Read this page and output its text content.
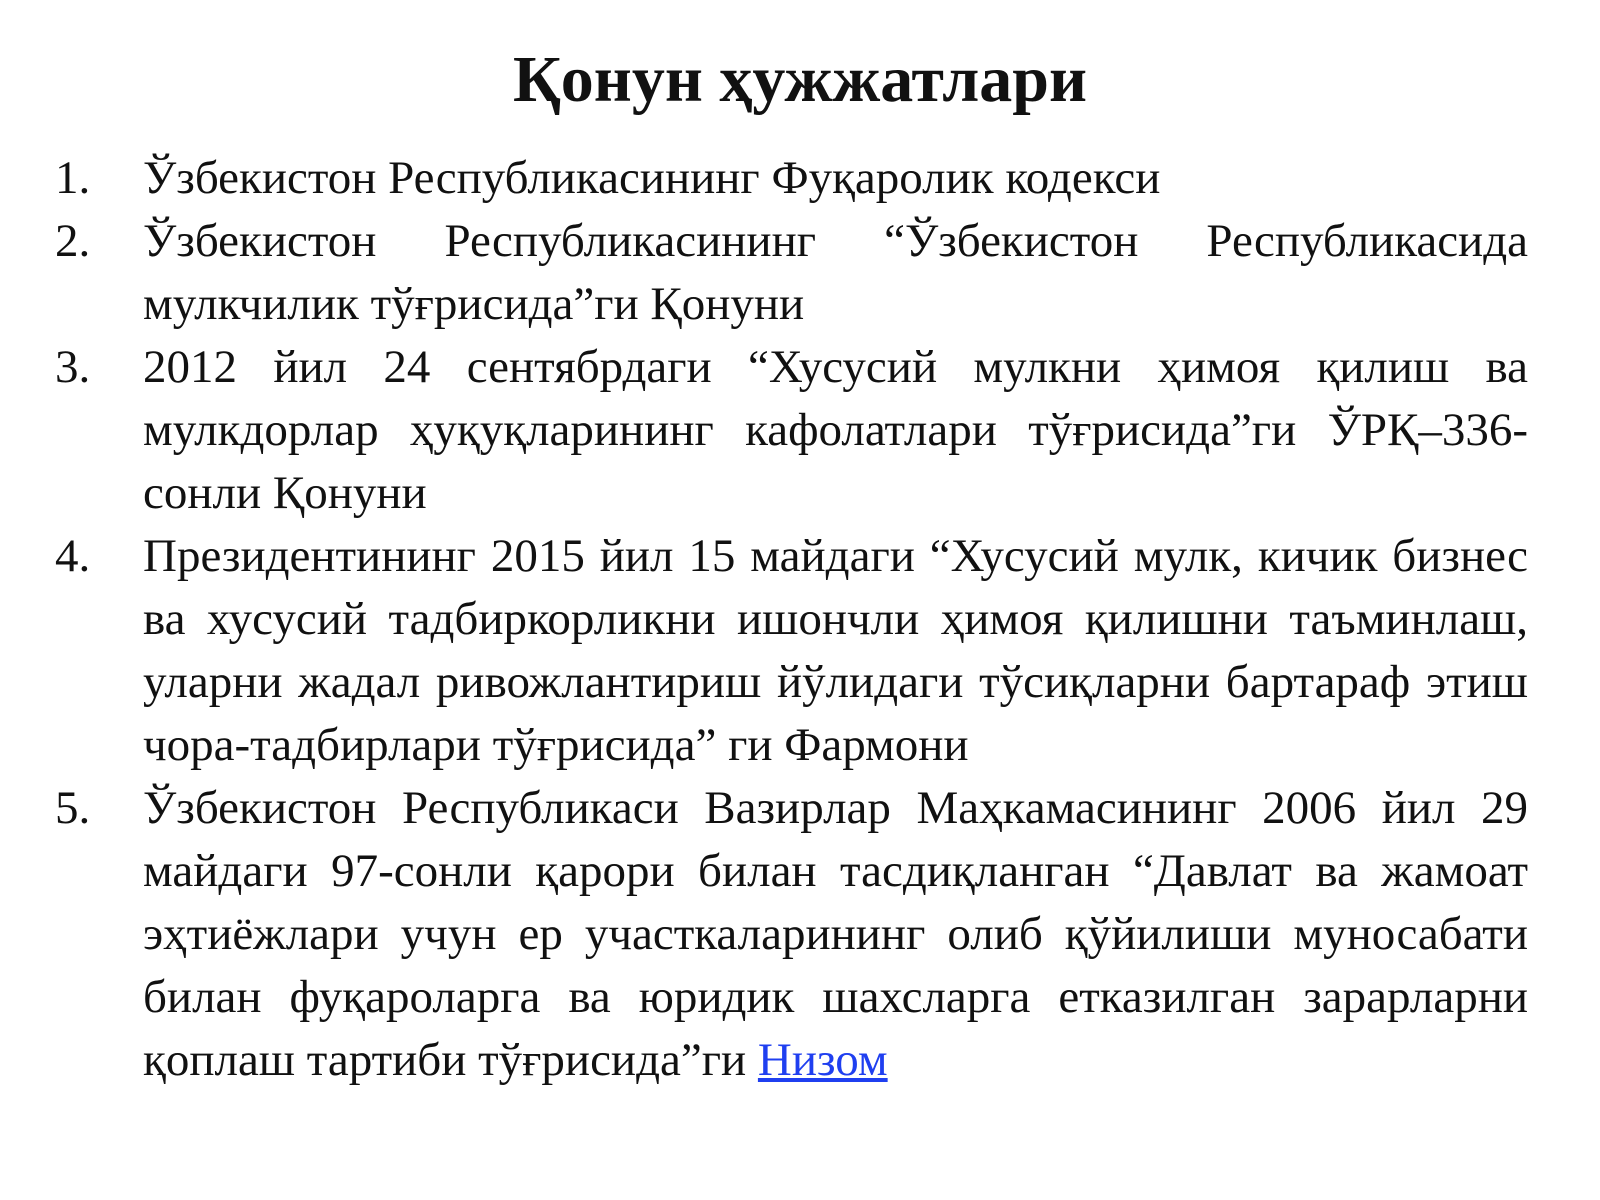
Қонун ҳужжатлари
1. Ўзбекистон Республикасининг Фуқаролик кодекси
2. Ўзбекистон Республикасининг “Ўзбекистон Республикасида мулкчилик тўғрисида”ги Қонуни
3. 2012 йил 24 сентябрдаги “Хусусий мулкни ҳимоя қилиш ва мулкдорлар ҳуқуқларининг кафолатлари тўғрисида”ги ЎРҚ–336-сонли Қонуни
4. Президентининг 2015 йил 15 майдаги “Хусусий мулк, кичик бизнес ва хусусий тадбиркорликни ишончли ҳимоя қилишни таъминлаш, уларни жадал ривожлантириш йўлидаги тўсиқларни бартараф этиш чора-тадбирлари тўғрисида” ги Фармони
5. Ўзбекистон Республикаси Вазирлар Маҳкамасининг 2006 йил 29 майдаги 97-сонли қарори билан тасдиқланган “Давлат ва жамоат эҳтиёжлари учун ер участкаларининг олиб қўйилиши муносабати билан фуқароларга ва юридик шахсларга етказилган зарарларни қоплаш тартиби тўғрисида”ги Низом
